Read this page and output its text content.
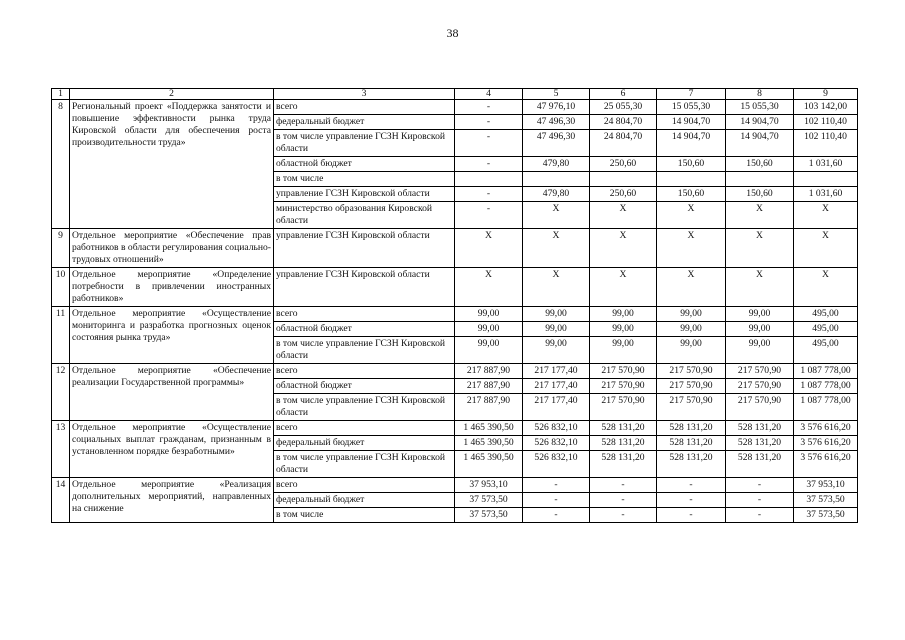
38
1	2	3	4	5	6	7	8	9
8	Региональный проект «Поддержка занятости и повышение эффективности рынка труда Кировской области для обеспечения роста производительности труда»	всего	-	47 976,10	25 055,30	15 055,30	15 055,30	103 142,00
		федеральный бюджет	-	47 496,30	24 804,70	14 904,70	14 904,70	102 110,40
		в том числе управление ГСЗН Кировской области	-	47 496,30	24 804,70	14 904,70	14 904,70	102 110,40
		областной бюджет	-	479,80	250,60	150,60	150,60	1 031,60
		в том числе						
		управление ГСЗН Кировской области	-	479,80	250,60	150,60	150,60	1 031,60
		министерство образования Кировской области	-	X	X	X	X	X
9	Отдельное мероприятие «Обеспечение прав работников в области регулирования социально-трудовых отношений»	управление ГСЗН Кировской области	X	X	X	X	X	X
10	Отдельное мероприятие «Определение потребности в привлечении иностранных работников»	управление ГСЗН Кировской области	X	X	X	X	X	X
11	Отдельное мероприятие «Осуществление мониторинга и разработка прогнозных оценок состояния рынка труда»	всего	99,00	99,00	99,00	99,00	99,00	495,00
		областной бюджет	99,00	99,00	99,00	99,00	99,00	495,00
		в том числе управление ГСЗН Кировской области	99,00	99,00	99,00	99,00	99,00	495,00
12	Отдельное мероприятие «Обеспечение реализации Государственной программы»	всего	217 887,90	217 177,40	217 570,90	217 570,90	217 570,90	1 087 778,00
		областной бюджет	217 887,90	217 177,40	217 570,90	217 570,90	217 570,90	1 087 778,00
		в том числе управление ГСЗН Кировской области	217 887,90	217 177,40	217 570,90	217 570,90	217 570,90	1 087 778,00
13	Отдельное мероприятие «Осуществление социальных выплат гражданам, признанным в установленном порядке безработными»	всего	1 465 390,50	526 832,10	528 131,20	528 131,20	528 131,20	3 576 616,20
		федеральный бюджет	1 465 390,50	526 832,10	528 131,20	528 131,20	528 131,20	3 576 616,20
		в том числе управление ГСЗН Кировской области	1 465 390,50	526 832,10	528 131,20	528 131,20	528 131,20	3 576 616,20
14	Отдельное мероприятие «Реализация дополнительных мероприятий, направленных на снижение	всего	37 953,10	-	-	-	-	37 953,10
		федеральный бюджет	37 573,50	-	-	-	-	37 573,50
		в том числе	37 573,50	-	-	-	-	37 573,50
